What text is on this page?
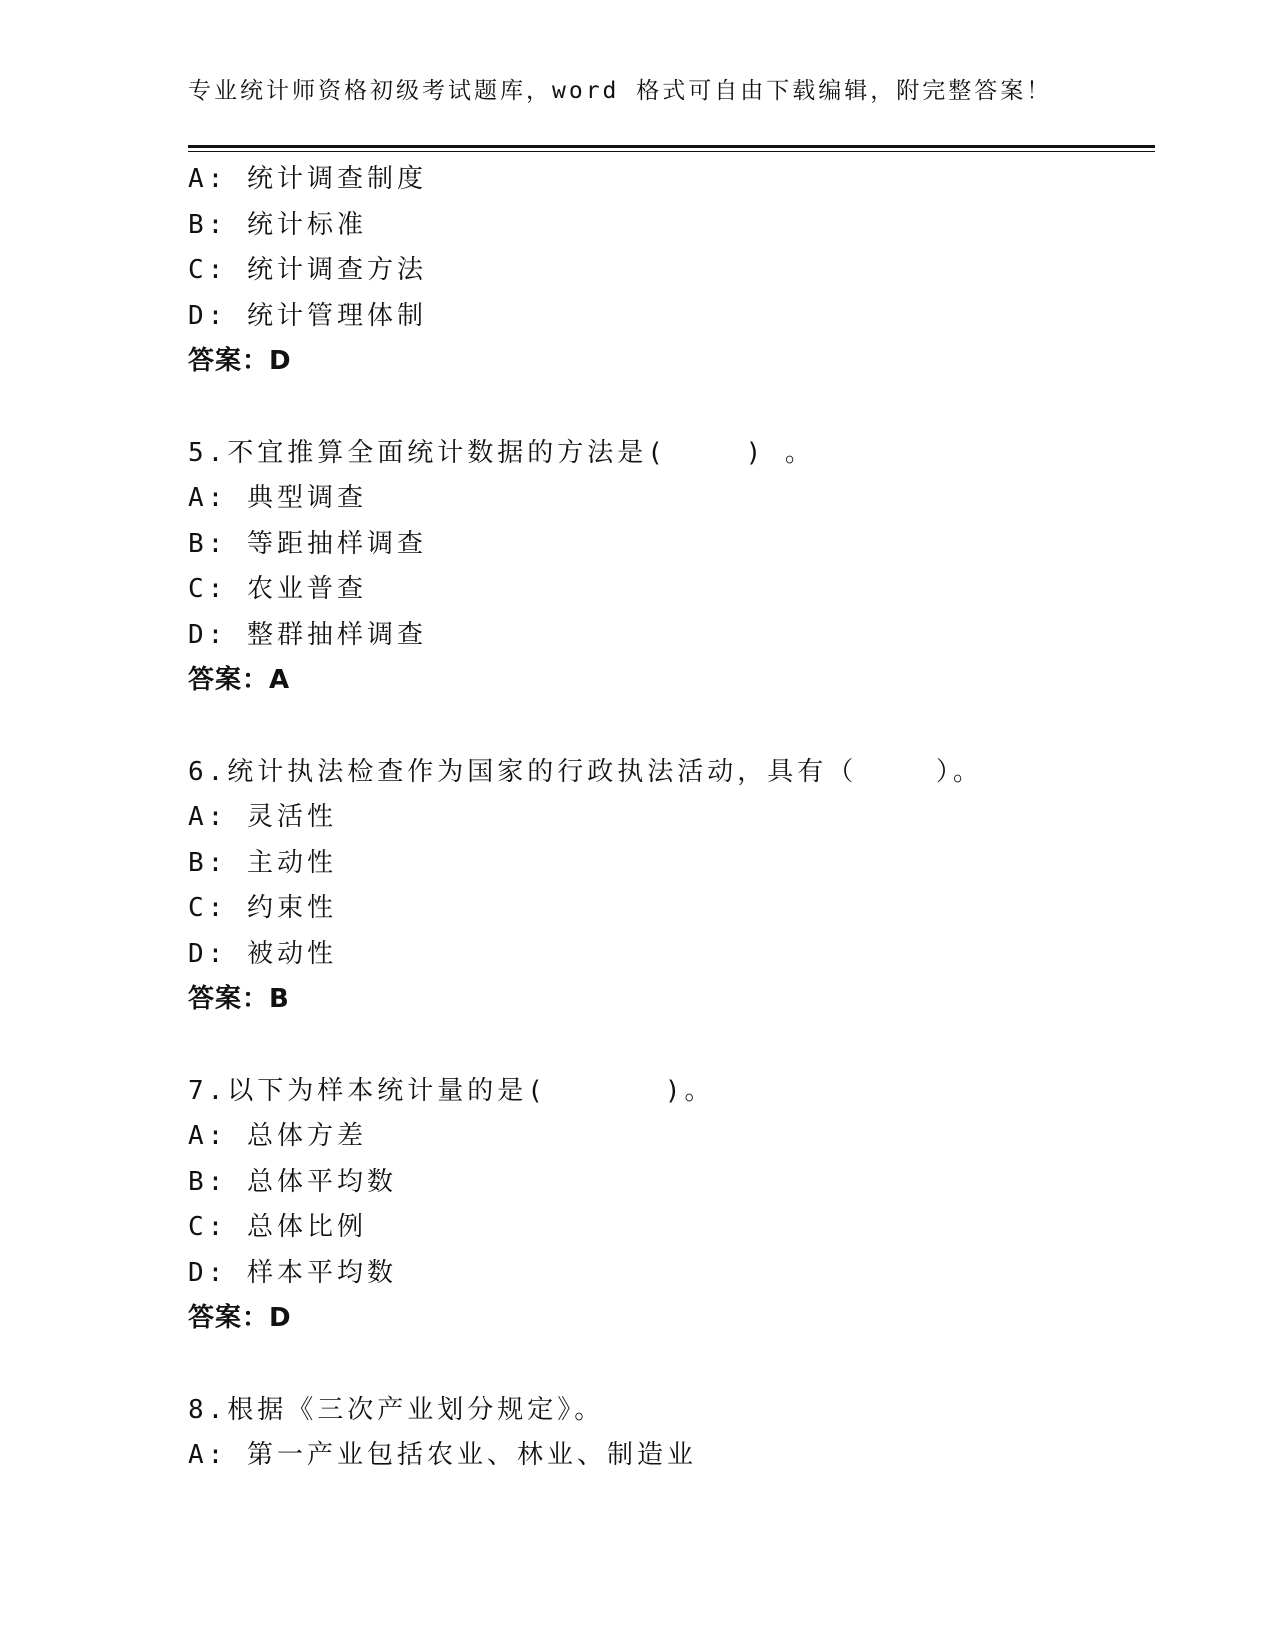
专业统计师资格初级考试题库，word 格式可自由下载编辑，附完整答案！
A: 统计调查制度
B: 统计标准
C: 统计调查方法
D: 统计管理体制
答案：D
5.不宜推算全面统计数据的方法是(    ) 。
A: 典型调查
B: 等距抽样调查
C: 农业普查
D: 整群抽样调查
答案：A
6.统计执法检查作为国家的行政执法活动，具有（    ）。
A: 灵活性
B: 主动性
C: 约束性
D: 被动性
答案：B
7.以下为样本统计量的是(      )。
A: 总体方差
B: 总体平均数
C: 总体比例
D: 样本平均数
答案：D
8.根据《三次产业划分规定》。
A: 第一产业包括农业、林业、制造业
